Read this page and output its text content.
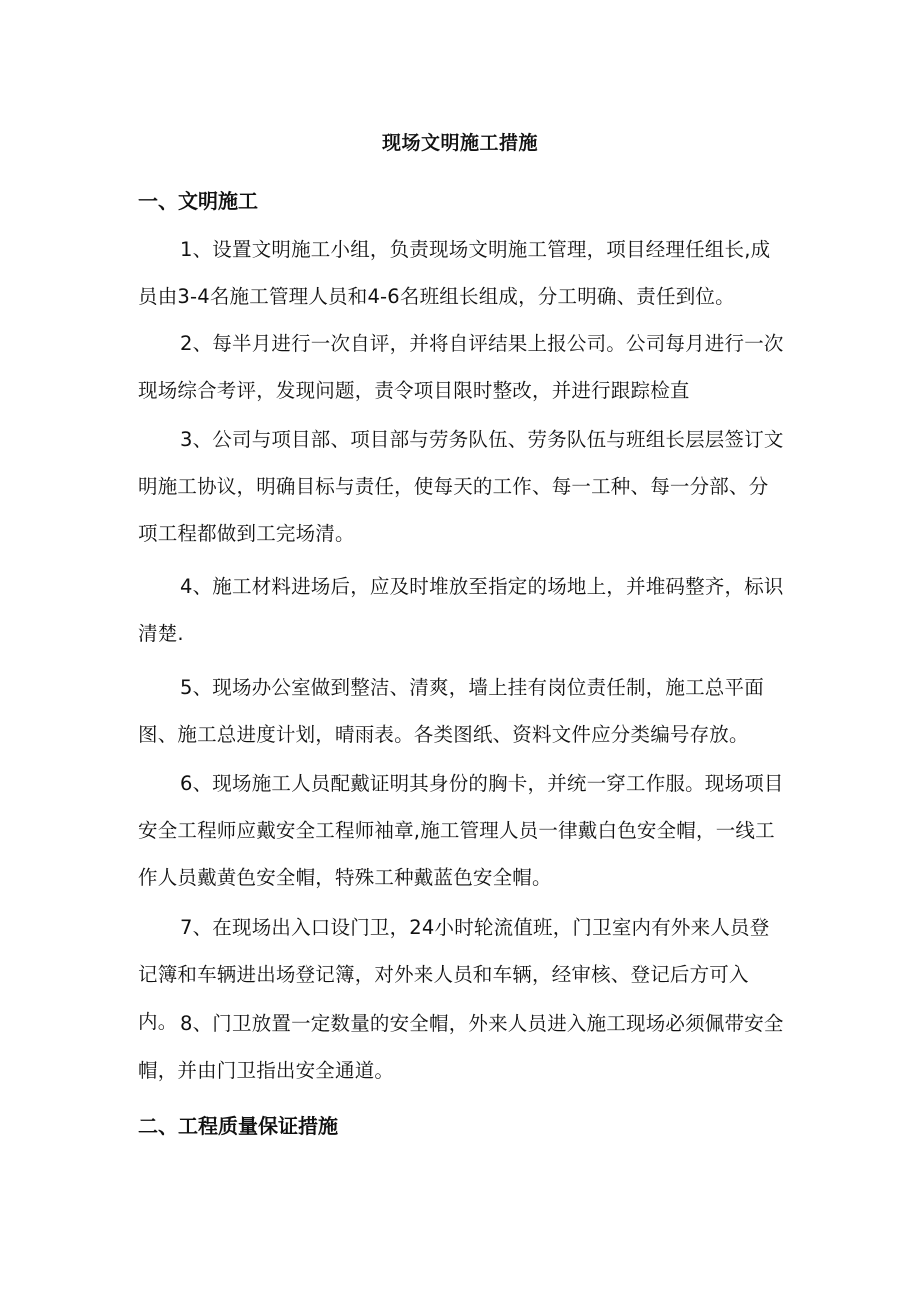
现场文明施工措施
一、文明施工
1、设置文明施工小组，负责现场文明施工管理，项目经理任组长,成员由3-4名施工管理人员和4-6名班组长组成，分工明确、责任到位。
2、每半月进行一次自评，并将自评结果上报公司。公司每月进行一次现场综合考评，发现问题，责令项目限时整改，并进行跟踪检直
3、公司与项目部、项目部与劳务队伍、劳务队伍与班组长层层签订文明施工协议，明确目标与责任，使每天的工作、每一工种、每一分部、分项工程都做到工完场清。
4、施工材料进场后，应及时堆放至指定的场地上，并堆码整齐，标识清楚.
5、现场办公室做到整洁、清爽，墙上挂有岗位责任制，施工总平面图、施工总进度计划，晴雨表。各类图纸、资料文件应分类编号存放。
6、现场施工人员配戴证明其身份的胸卡，并统一穿工作服。现场项目安全工程师应戴安全工程师袖章,施工管理人员一律戴白色安全帽，一线工作人员戴黄色安全帽，特殊工种戴蓝色安全帽。
7、在现场出入口设门卫，24小时轮流值班，门卫室内有外来人员登记簿和车辆进出场登记簿，对外来人员和车辆，经审核、登记后方可入内。 8、门卫放置一定数量的安全帽，外来人员进入施工现场必须佩带安全帽，并由门卫指出安全通道。
二、工程质量保证措施
